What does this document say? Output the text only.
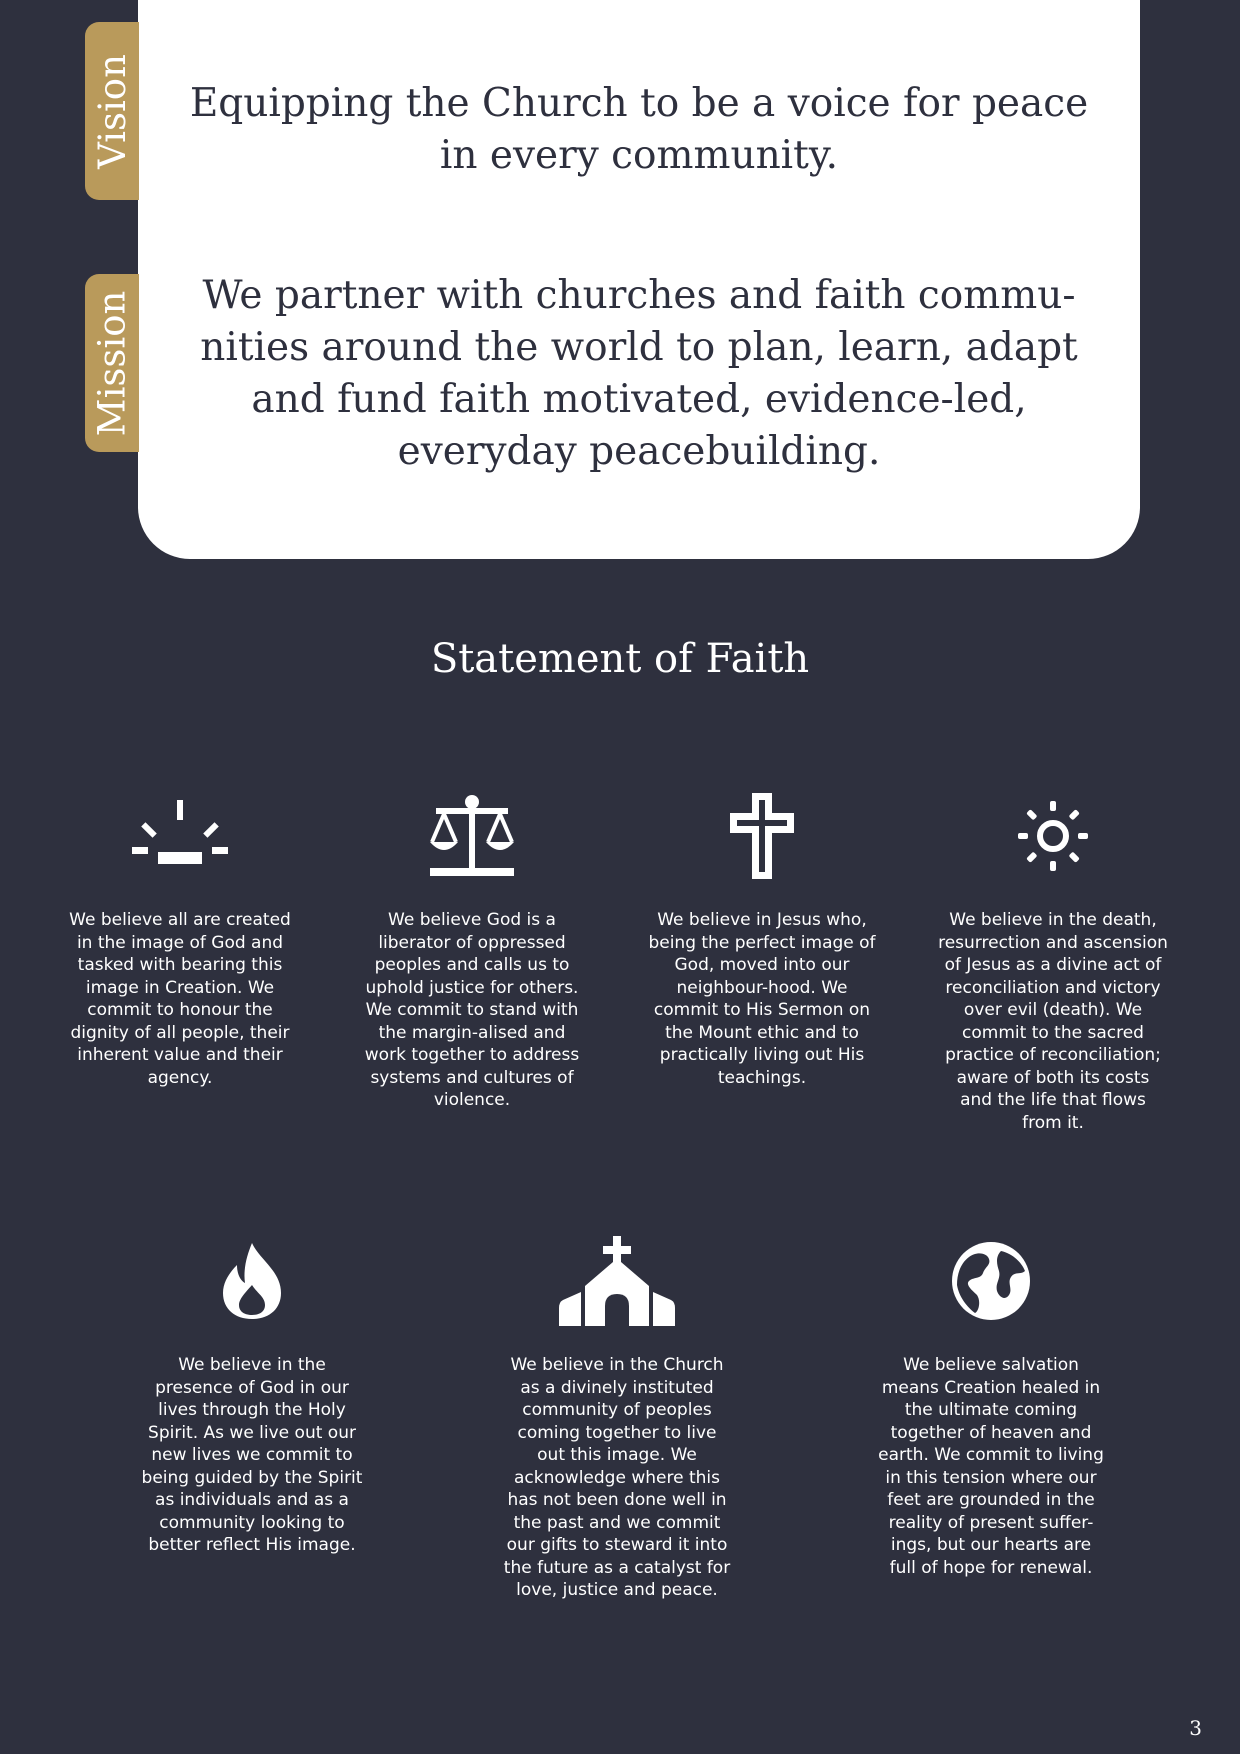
Vision
Mission

Equipping the Church to be a voice for peace in every community.

We partner with churches and faith commu-nities around the world to plan, learn, adapt and fund faith motivated, evidence-led, everyday peacebuilding.

Statement of Faith

We believe all are created in the image of God and tasked with bearing this image in Creation. We commit to honour the dignity of all people, their inherent value and their agency.

We believe God is a liberator of oppressed peoples and calls us to uphold justice for others. We commit to stand with the margin-alised and work together to address systems and cultures of violence.

We believe in Jesus who, being the perfect image of God, moved into our neighbour-hood. We commit to His Sermon on the Mount ethic and to practically living out His teachings.

We believe in the death, resurrection and ascension of Jesus as a divine act of reconciliation and victory over evil (death). We commit to the sacred practice of reconciliation; aware of both its costs and the life that flows from it.

We believe in the presence of God in our lives through the Holy Spirit. As we live out our new lives we commit to being guided by the Spirit as individuals and as a community looking to better reflect His image.

We believe in the Church as a divinely instituted community of peoples coming together to live out this image. We acknowledge where this has not been done well in the past and we commit our gifts to steward it into the future as a catalyst for love, justice and peace.

We believe salvation means Creation healed in the ultimate coming together of heaven and earth. We commit to living in this tension where our feet are grounded in the reality of present suffer-ings, but our hearts are full of hope for renewal.

3
